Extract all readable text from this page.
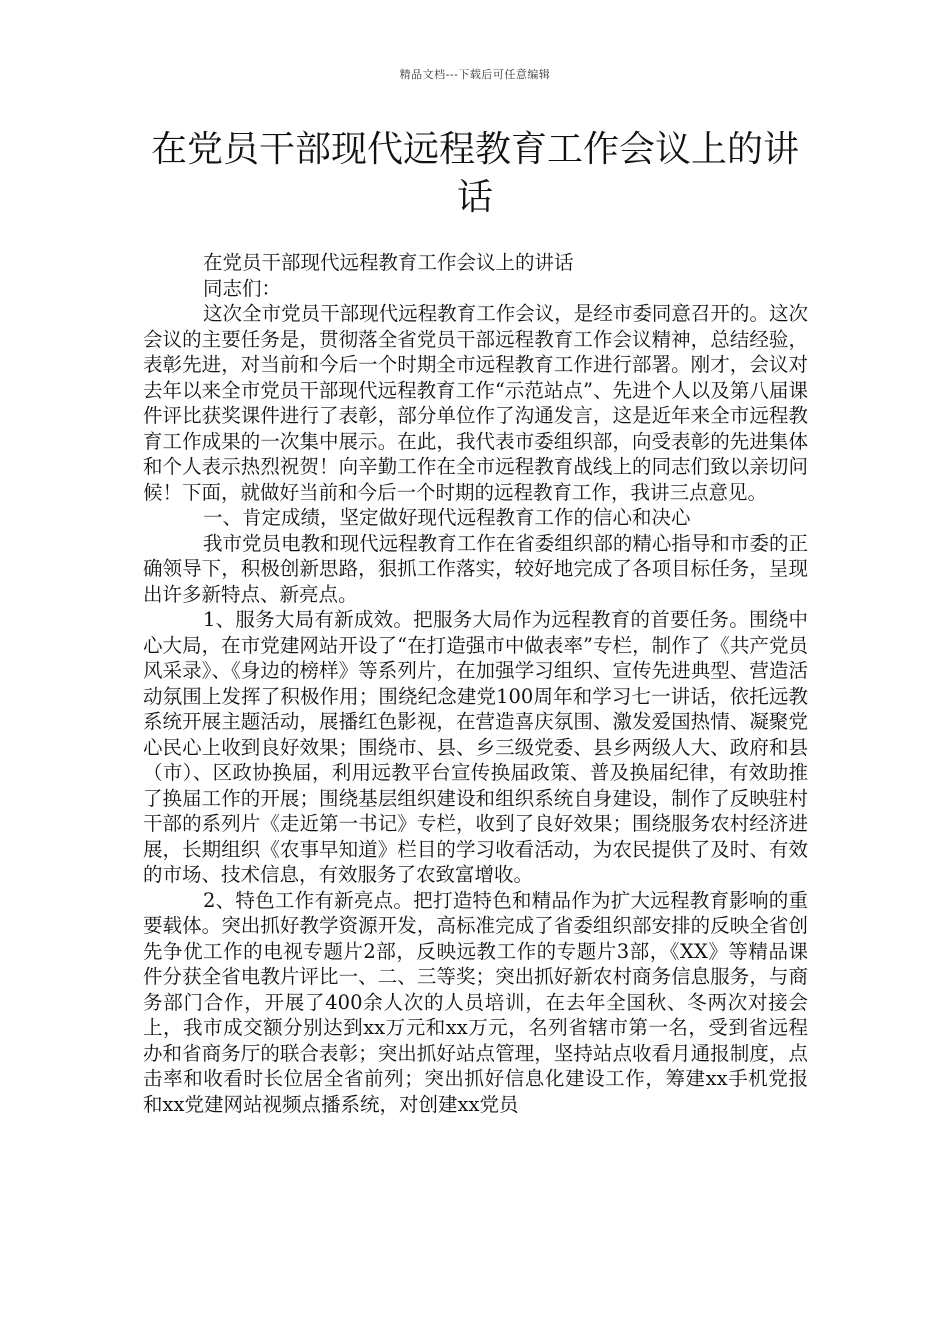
精品文档---下载后可任意编辑
在党员干部现代远程教育工作会议上的讲
话

在党员干部现代远程教育工作会议上的讲话

同志们：

这次全市党员干部现代远程教育工作会议，是经市委同意召开的。这次会议的主要任务是，贯彻落全省党员干部远程教育工作会议精神，总结经验，表彰先进，对当前和今后一个时期全市远程教育工作进行部署。刚才，会议对去年以来全市党员干部现代远程教育工作“示范站点”、先进个人以及第八届课件评比获奖课件进行了表彰，部分单位作了沟通发言，这是近年来全市远程教育工作成果的一次集中展示。在此，我代表市委组织部，向受表彰的先进集体和个人表示热烈祝贺！向辛勤工作在全市远程教育战线上的同志们致以亲切问候！下面，就做好当前和今后一个时期的远程教育工作，我讲三点意见。

一、肯定成绩，坚定做好现代远程教育工作的信心和决心

我市党员电教和现代远程教育工作在省委组织部的精心指导和市委的正确领导下，积极创新思路，狠抓工作落实，较好地完成了各项目标任务，呈现出许多新特点、新亮点。

1、服务大局有新成效。把服务大局作为远程教育的首要任务。围绕中心大局，在市党建网站开设了“在打造强市中做表率”专栏，制作了《共产党员风采录》、《身边的榜样》等系列片，在加强学习组织、宣传先进典型、营造活动氛围上发挥了积极作用；围绕纪念建党100周年和学习七一讲话，依托远教系统开展主题活动，展播红色影视，在营造喜庆氛围、激发爱国热情、凝聚党心民心上收到良好效果；围绕市、县、乡三级党委、县乡两级人大、政府和县（市）、区政协换届，利用远教平台宣传换届政策、普及换届纪律，有效助推了换届工作的开展；围绕基层组织建设和组织系统自身建设，制作了反映驻村干部的系列片《走近第一书记》专栏，收到了良好效果；围绕服务农村经济进展，长期组织《农事早知道》栏目的学习收看活动，为农民提供了及时、有效的市场、技术信息，有效服务了农致富增收。

2、特色工作有新亮点。把打造特色和精品作为扩大远程教育影响的重要载体。突出抓好教学资源开发，高标准完成了省委组织部安排的反映全省创先争优工作的电视专题片2部，反映远教工作的专题片3部，《XX》等精品课件分获全省电教片评比一、二、三等奖；突出抓好新农村商务信息服务，与商务部门合作，开展了400余人次的人员培训，在去年全国秋、冬两次对接会上，我市成交额分别达到xx万元和xx万元，名列省辖市第一名，受到省远程办和省商务厅的联合表彰；突出抓好站点管理，坚持站点收看月通报制度，点击率和收看时长位居全省前列；突出抓好信息化建设工作，筹建xx手机党报和xx党建网站视频点播系统，对创建xx党员
